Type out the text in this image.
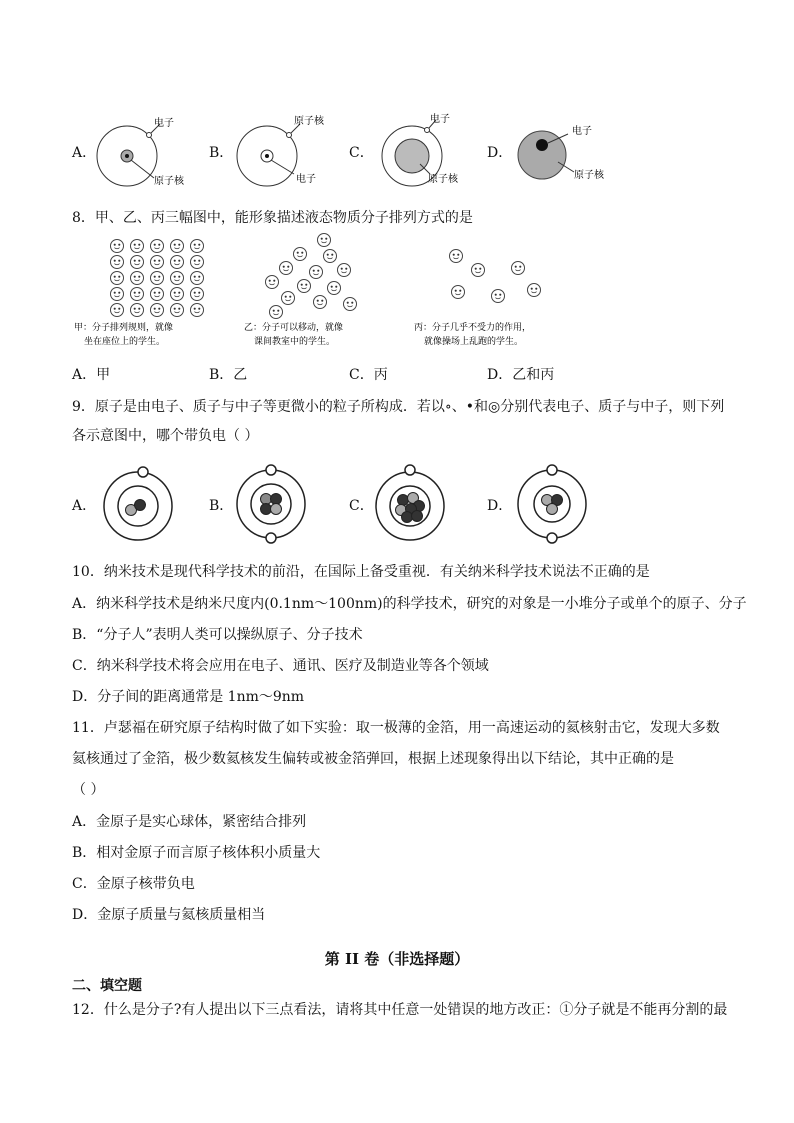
A．
电子
原子核
B．
原子核
电子
C．
电子
原子核
D．
电子
原子核
8．甲、乙、丙三幅图中，能形象描述液态物质分子排列方式的是
甲：分子排列规则，就像
坐在座位上的学生。
乙：分子可以移动，就像
课间教室中的学生。
丙：分子几乎不受力的作用，
就像操场上乱跑的学生。
A．甲	B．乙	C．丙	D．乙和丙
9．原子是由电子、质子与中子等更微小的粒子所构成．若以∘、•和◎分别代表电子、质子与中子，则下列
各示意图中，哪个带负电（ ）
A．	B．	C．	D．
10．纳米技术是现代科学技术的前沿，在国际上备受重视．有关纳米科学技术说法不正确的是
A．纳米科学技术是纳米尺度内(0.1nm～100nm)的科学技术，研究的对象是一小堆分子或单个的原子、分子
B．“分子人”表明人类可以操纵原子、分子技术
C．纳米科学技术将会应用在电子、通讯、医疗及制造业等各个领域
D．分子间的距离通常是 1nm～9nm
11．卢瑟福在研究原子结构时做了如下实验：取一极薄的金箔，用一高速运动的氦核射击它，发现大多数
氦核通过了金箔，极少数氦核发生偏转或被金箔弹回，根据上述现象得出以下结论，其中正确的是
（ ）
A．金原子是实心球体，紧密结合排列
B．相对金原子而言原子核体积小质量大
C．金原子核带负电
D．金原子质量与氦核质量相当
第 II 卷（非选择题）
二、填空题
12．什么是分子?有人提出以下三点看法，请将其中任意一处错误的地方改正：①分子就是不能再分割的最
